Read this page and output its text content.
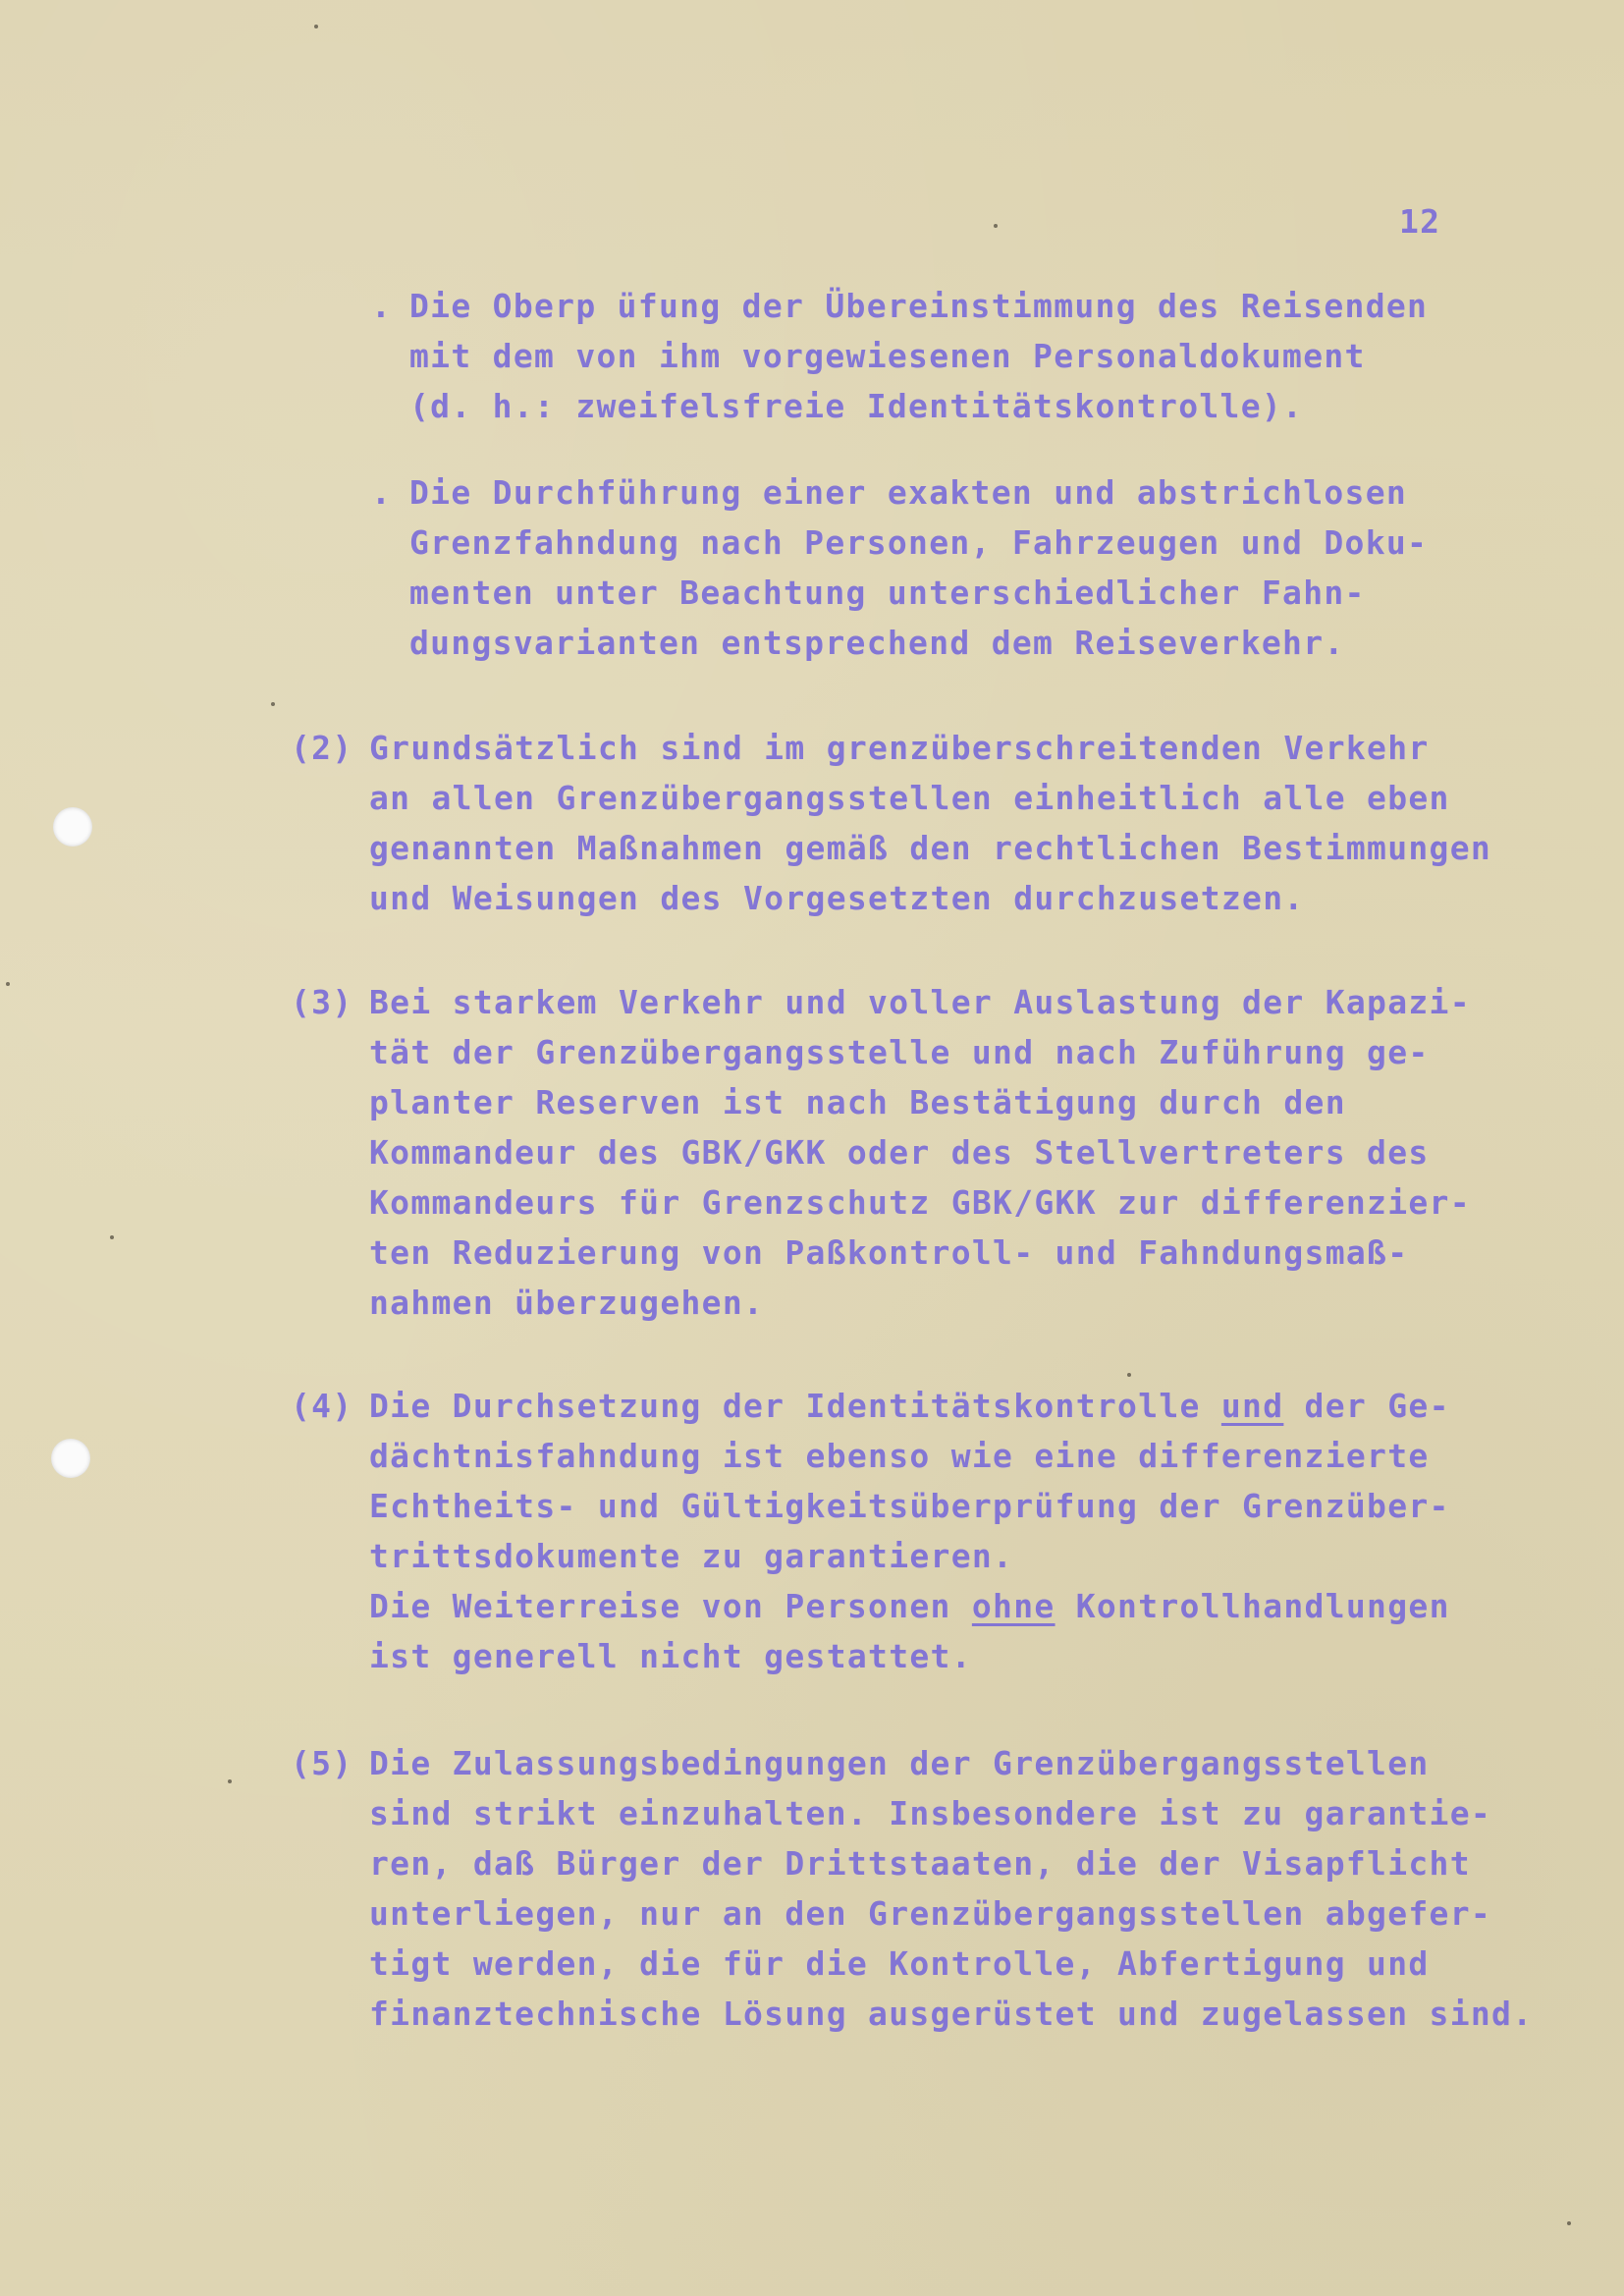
12
. Die Oberp üfung der Übereinstimmung des Reisenden
mit dem von ihm vorgewiesenen Personaldokument
(d. h.: zweifelsfreie Identitätskontrolle).
. Die Durchführung einer exakten und abstrichlosen
Grenzfahndung nach Personen, Fahrzeugen und Doku-
menten unter Beachtung unterschiedlicher Fahn-
dungsvarianten entsprechend dem Reiseverkehr.
(2) Grundsätzlich sind im grenzüberschreitenden Verkehr
an allen Grenzübergangsstellen einheitlich alle eben
genannten Maßnahmen gemäß den rechtlichen Bestimmungen
und Weisungen des Vorgesetzten durchzusetzen.
(3) Bei starkem Verkehr und voller Auslastung der Kapazi-
tät der Grenzübergangsstelle und nach Zuführung ge-
planter Reserven ist nach Bestätigung durch den
Kommandeur des GBK/GKK oder des Stellvertreters des
Kommandeurs für Grenzschutz GBK/GKK zur differenzier-
ten Reduzierung von Paßkontroll- und Fahndungsmaß-
nahmen überzugehen.
(4) Die Durchsetzung der Identitätskontrolle und der Ge-
dächtnisfahndung ist ebenso wie eine differenzierte
Echtheits- und Gültigkeitsüberprüfung der Grenzüber-
trittsdokumente zu garantieren.
Die Weiterreise von Personen ohne Kontrollhandlungen
ist generell nicht gestattet.
(5) Die Zulassungsbedingungen der Grenzübergangsstellen
sind strikt einzuhalten. Insbesondere ist zu garantie-
ren, daß Bürger der Drittstaaten, die der Visapflicht
unterliegen, nur an den Grenzübergangsstellen abgefer-
tigt werden, die für die Kontrolle, Abfertigung und
finanztechnische Lösung ausgerüstet und zugelassen sind.
